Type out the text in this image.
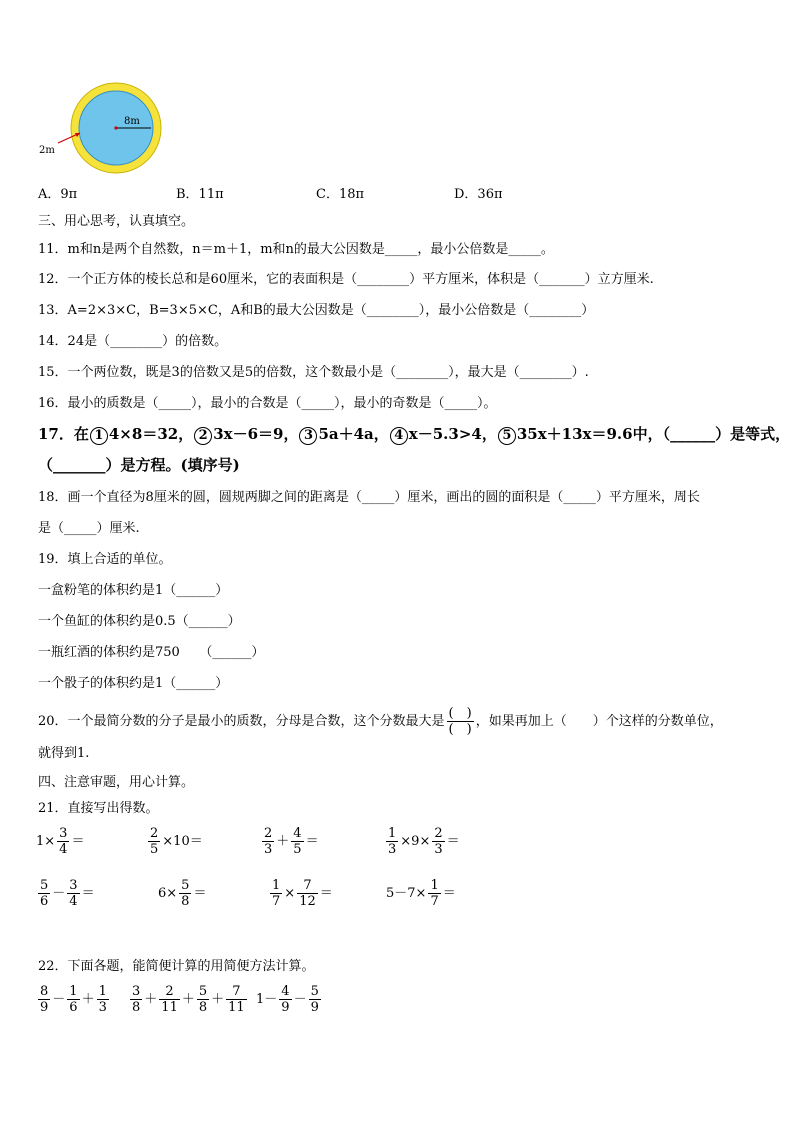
8m
2m
A．9π	B．11π	C．18π	D．36π
三、用心思考，认真填空。
11．m和n是两个自然数，n＝m＋1，m和n的最大公因数是_____，最小公倍数是_____。
12．一个正方体的棱长总和是60厘米，它的表面积是（________）平方厘米，体积是（_______）立方厘米.
13．A=2×3×C，B=3×5×C，A和B的最大公因数是（________），最小公倍数是（________）
14．24是（________）的倍数。
15．一个两位数，既是3的倍数又是5的倍数，这个数最小是（________），最大是（________）.
16．最小的质数是（_____），最小的合数是（_____），最小的奇数是（_____）。
17．在 1 4×8＝32， 2 3x－6＝9， 3 5a＋4a， 4 x－5.3>4， 5 35x＋13x＝9.6中，（______）是等式，
（_______）是方程。(填序号)
18．画一个直径为8厘米的圆，圆规两脚之间的距离是（_____）厘米，画出的圆的面积是（_____）平方厘米，周长
是（_____）厘米.
19．填上合适的单位。
一盒粉笔的体积约是1（______）
一个鱼缸的体积约是0.5（______）
一瓶红酒的体积约是750　　（______）
一个骰子的体积约是1（______）
20．一个最简分数的分子是最小的质数，分母是合数，这个分数最大是 $\frac{( )}{( )}$ ，如果再加上（　　）个这样的分数单位，
就得到1.
四、注意审题，用心计算。
21．直接写出得数。
$1\times \frac{3}{4}$ ＝	$\frac{2}{5} \times 10=$	$\frac{2}{3} + \frac{4}{5}$ ＝	$\frac{1}{3} \times 9\times \frac{2}{3}$ ＝
$\frac{5}{6} - \frac{3}{4}$ ＝	$6\times \frac{5}{8}$ ＝	$\frac{1}{7} \times \frac{7}{12}$ ＝	$5-7\times \frac{1}{7}$ ＝
22．下面各题，能简便计算的用简便方法计算。
$\frac{8}{9} - \frac{1}{6} + \frac{1}{3} \frac{3}{8} + \frac{2}{11} + \frac{5}{8} + \frac{7}{11} 1- \frac{4}{9} - \frac{5}{9}$
